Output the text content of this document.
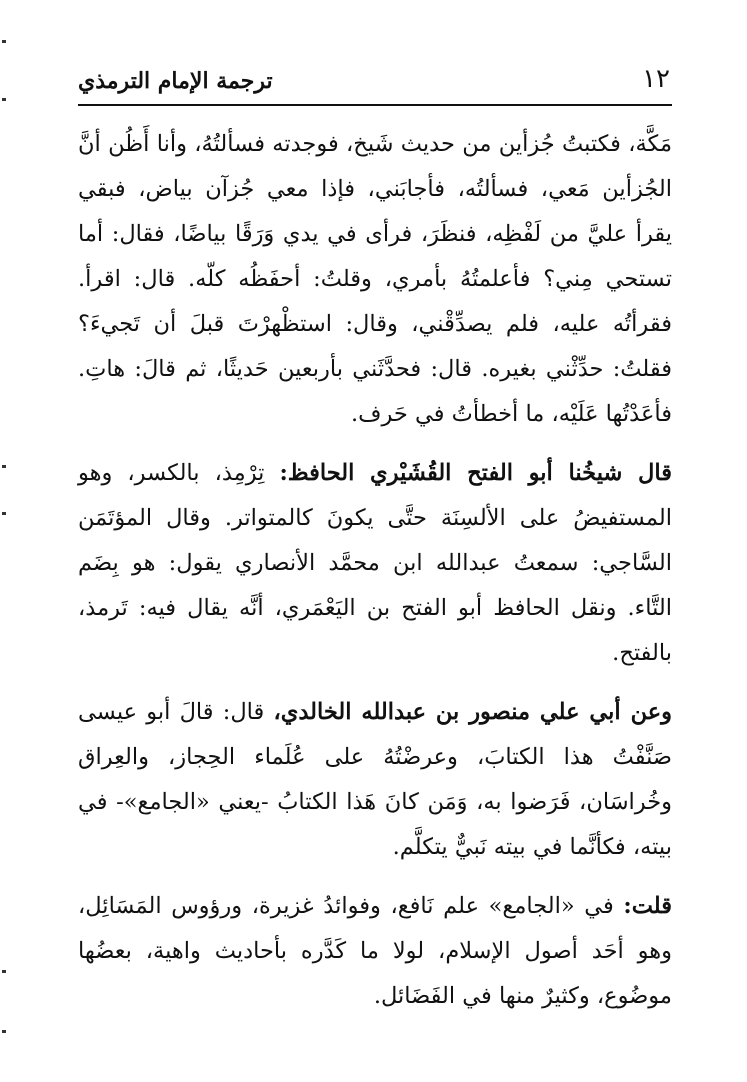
١٢
ترجمة الإمام الترمذي

مَكَّة، فكتبتُ جُزأين من حديث شَيخ، فوجدته فسألتُهُ، وأنا أَظُن أنَّ الجُزأين مَعي، فسألتُه، فأجابَني، فإذا معي جُزآن بياض، فبقي يقرأ عليَّ من لَفْظِه، فنظَرَ، فرأى في يدي وَرَقًا بياضًا، فقال: أما تستحي مِني؟ فأعلمتُهُ بأمري، وقلتُ: أحفَظُه كلّه. قال: اقرأ. فقرأتُه عليه، فلم يصدِّقْني، وقال: استظْهرْتَ قبلَ أن تَجيءَ؟ فقلتُ: حدِّثْني بغيره. قال: فحدَّثَني بأربعين حَديثًا، ثم قالَ: هاتِ. فأعَدْتُها عَلَيْه، ما أخطأتُ في حَرف.

قال شيخُنا أبو الفتح القُشَيْري الحافظ: تِرْمِذ، بالكسر، وهو المستفيضُ على الألسِنَة حتَّى يكونَ كالمتواتر. وقال المؤتَمَن السَّاجي: سمعتُ عبدالله ابن محمَّد الأنصاري يقول: هو بِضَم التَّاء. ونقل الحافظ أبو الفتح بن اليَعْمَري، أنَّه يقال فيه: تَرمذ، بالفتح.

وعن أبي علي منصور بن عبدالله الخالدي، قال: قالَ أبو عيسى صَنَّفْتُ هذا الكتابَ، وعرضْتُهُ على عُلَماء الحِجاز، والعِراق وخُراسَان، فَرَضوا به، وَمَن كانَ هَذا الكتابُ -يعني «الجامع»- في بيته، فكأنَّما في بيته نَبيٌّ يتكلَّم.

قلت: في «الجامع» علم نَافع، وفوائدُ غزيرة، ورؤوس المَسَائِل، وهو أحَد أصول الإسلام، لولا ما كَدَّره بأحاديث واهية، بعضُها موضُوع، وكثيرٌ منها في الفَضَائل.
